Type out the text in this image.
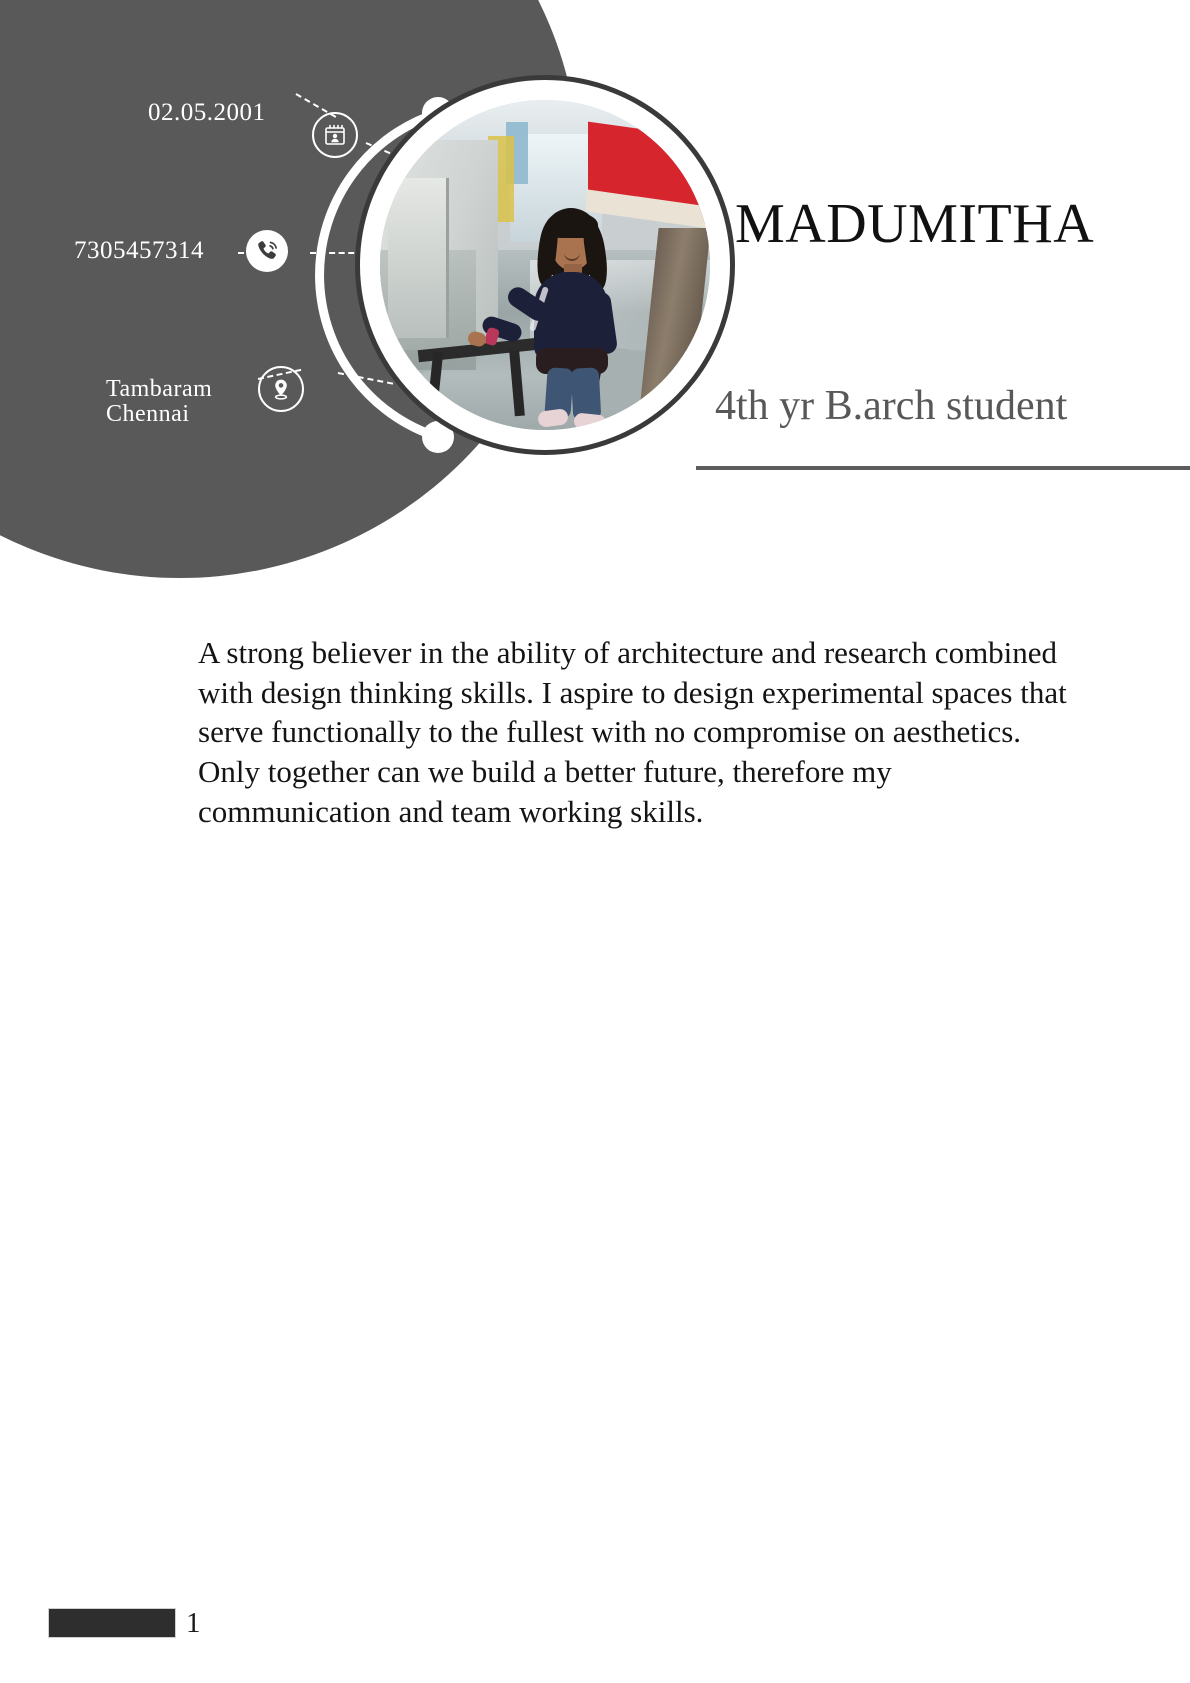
02.05.2001
7305457314
Tambaram
Chennai
MADUMITHA
4th yr B.arch student

A strong believer in the ability of architecture and research combined with design thinking skills. I aspire to design experimental spaces that serve functionally to the fullest with no compromise on aesthetics. Only together can we build a better future, therefore my communication and team working skills.

1
